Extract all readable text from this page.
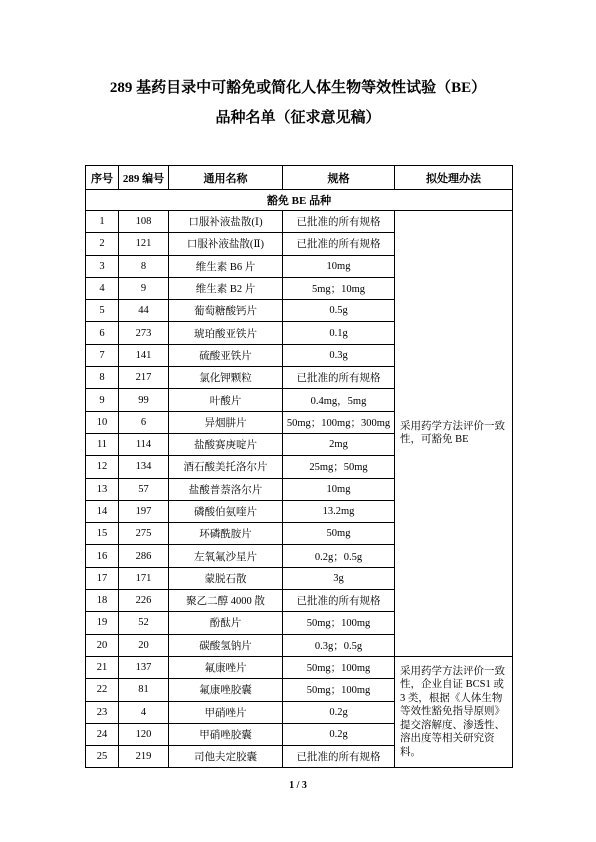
289 基药目录中可豁免或简化人体生物等效性试验（BE）
品种名单（征求意见稿）
序号	289 编号	通用名称	规格	拟处理办法
豁免 BE 品种				
1	108	口服补液盐散(Ⅰ)	已批准的所有规格	采用药学方法评价一致性，可豁免 BE
2	121	口服补液盐散(Ⅱ)	已批准的所有规格	
3	8	维生素 B6 片	10mg	
4	9	维生素 B2 片	5mg；10mg	
5	44	葡萄糖酸钙片	0.5g	
6	273	琥珀酸亚铁片	0.1g	
7	141	硫酸亚铁片	0.3g	
8	217	氯化钾颗粒	已批准的所有规格	
9	99	叶酸片	0.4mg，5mg	
10	6	异烟肼片	50mg；100mg；300mg	
11	114	盐酸赛庚啶片	2mg	
12	134	酒石酸美托洛尔片	25mg；50mg	
13	57	盐酸普萘洛尔片	10mg	
14	197	磷酸伯氨喹片	13.2mg	
15	275	环磷酰胺片	50mg	
16	286	左氧氟沙星片	0.2g；0.5g	
17	171	蒙脱石散	3g	
18	226	聚乙二醇 4000 散	已批准的所有规格	
19	52	酚酞片	50mg；100mg	
20	20	碳酸氢钠片	0.3g；0.5g	
21	137	氟康唑片	50mg；100mg	采用药学方法评价一致性，企业自证 BCS1 或 3 类，根据《人体生物等效性豁免指导原则》提交溶解度、渗透性、溶出度等相关研究资料。
22	81	氟康唑胶囊	50mg；100mg	
23	4	甲硝唑片	0.2g	
24	120	甲硝唑胶囊	0.2g	
25	219	司他夫定胶囊	已批准的所有规格	
1 / 3
